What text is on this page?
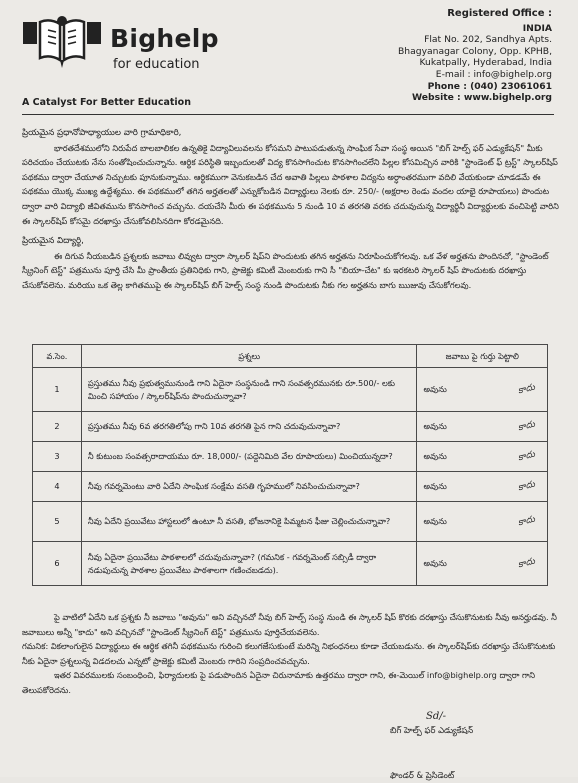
Bighelp
for education
A Catalyst For Better Education
Registered Office :
INDIA
Flat No. 202, Sandhya Apts.
Bhagyanagar Colony, Opp. KPHB,
Kukatpally, Hyderabad, India
E-mail : info@bighelp.org
Phone : (040) 23061061
Website : www.bighelp.org

ప్రియమైన ప్రధానోపాధ్యాయుల వారి గ్రామాధికారి,

భారతదేశములోని నిరుపేద బాలబాలికల ఉన్నతికై విద్యావిలువలను కోసమని పాటుపడుతున్న సాంఘిక సేవా సంస్థ అయిన "బిగ్ హెల్ప్ ఫర్ ఎడ్యుకేషన్" మీకు పరిచయం చేయుటకు నేను సంతోషించుచున్నాను. ఆర్థిక పరిస్థితి ఇబ్బందులతో విద్య కొనసాగించుట కొనసాగించలేని పిల్లల కోసమిచ్చిన వారికి "స్టాండెంట్ ఫ్ ట్రస్ట్" స్కాలర్‌షిప్ పథకము ద్వారా చేయూత నిచ్చుటకు పూనుకున్నాము. ఆర్థికముగా వెనుకబడిన చేద అవాతి పిల్లలు పాఠశాల విద్యను అర్ధాంతరముగా వదిలి వేయకుండా చూడడమే ఈ పథకము యొక్క ముఖ్య ఉద్దేశ్యము. ఈ పథకములో తగిన అర్హతలతో ఎన్నుకోబడిన విద్యార్థులు నెలకు రూ. 250/- (అక్షరాల రెండు వందల యాభై రూపాయలు) పొందుట ద్వారా వారి విద్యాభి జీవితమును కొనసాగించ వచ్చును. దయచేసి మీరు ఈ పథకమును 5 నుండి 10 వ తరగతి వరకు చదువుచున్న విద్యార్థినీ విద్యార్థులకు వంచిపెట్టి వారిని ఈ స్కాలర్‌షిప్ కోసమై దరఖాస్తు చేసుకోవలిసినదిగా కోరడమైనది.

ప్రియమైన విద్యార్థి,

ఈ దిగువ నీయబడిన ప్రశ్నలకు జవాబు లివ్వుట ద్వారా స్కాలర్ షిప్‌ని పొందుటకు తగిన అర్హతను నిరూపించుకోగలవు. ఒక వేళ అర్హతను పొందినచో, "స్టాండెంట్ స్క్రీనింగ్ టెస్ట్" పత్రమును పూర్తి చేసి మీ ప్రాంతీయ ప్రతినిధికు గాని, ప్రాజెక్టు కమిటీ మెంబరుకు గాని సీ "బియా-చేట" కు ఇరకటరి స్కాలర్ షిప్ పొందుటకు దరఖాస్తు చేసుకోవలెను. మరియు ఒక తెల్ల కాగితముపై ఈ స్కాలర్‌షిప్ బిగ్ హెల్ప్ సంస్థ నుండి పొందుటకు నీకు గల అర్హతను బాగు ఋజువు చేసుకోగలవు.

వ.సెం.	ప్రశ్నలు	జవాబు పై గుర్తు పెట్టాలి
1	ప్రస్తుతము నీవు ప్రభుత్వమునుండి గాని ఏదైనా సంస్థనుండి గాని సంవత్సరమునకు రూ.500/- లకు మించి సహాయం / స్కాలర్‌షిప్‌ను పొందుచున్నావా?	అవును కాదు

2	ప్రస్తుతము నీవు 6వ తరగతిలోపు గాని 10వ తరగతి పైన గాని చదువుచున్నావా?	అవును కాదు

3	నీ కుటుంబ సంవత్సరాదాయము రూ. 18,000/- (పద్దెనిమిది వేల రూపాయలు) మించియున్నదా?	అవును కాదు

4	నీవు గవర్నమెంటు వారి ఏదేని సాంఘిక సంక్షేమ వసతి గృహములో నివసించుచున్నావా?	అవును కాదు

5	నీవు ఏదేని ప్రయివేటు హాస్టలులో ఉంటూ నీ వసతి, భోజనానికై పిమ్మటన ఫీజు చెల్లించుచున్నావా?	అవును కాదు

6	నీవు ఏదైనా ప్రయివేటు పాఠశాలలో చదువుచున్నావా? (గమనిక - గవర్నమెంట్ సబ్సిడీ ద్వారా నడుపుచున్న పాఠశాల ప్రయివేటు పాఠశాలగా గణించబడదు).	అవును కాదు

పై వాటిలో ఏదేని ఒక ప్రశ్నకు నీ జవాబు "అవును" అని వచ్చినచో నీవు బిగ్ హెల్ప్ సంస్థ నుండి ఈ స్కాలర్ షిప్ కొరకు దరఖాస్తు చేసుకొనుటకు నీవు అనర్హుడవు. నీ జవాబులు అన్నీ "కాదు" అని వచ్చినచో "స్టాండెంట్ స్క్రీనింగ్ టెస్ట్" పత్రమును పూర్తిచేయవలెను.

గమనిక: వికలాంగులైన విద్యార్థులు ఈ ఆర్థిక తగినీ పథకమును గురించి కలుగజేసుకుంటే మరిన్ని నిభంధనలు కూడా చేయబడును. ఈ స్కాలర్‌షిప్‌కు దరఖాస్తు చేసుకొనుటకు నీకు ఏదైనా ప్రశ్నలున్న విడదలచు ఎన్నటో ప్రాజెక్టు కమిటీ మెంబరు గారిని సంప్రదించవచ్చును.

ఇతర వివరములకు సంబంధించి, ఫిర్యాదులకు పై పడుపొందిన ఏదైనా చిరునామాకు ఉత్తరము ద్వారా గాని, ఈ-మెయిల్ info@bighelp.org ద్వారా గాని తెలుపకోరెదను.

Sd/-
బిగ్ హెల్ప్ ఫర్ ఎడ్యుకేషన్
ఫౌండర్ & ప్రెసిడెంట్
